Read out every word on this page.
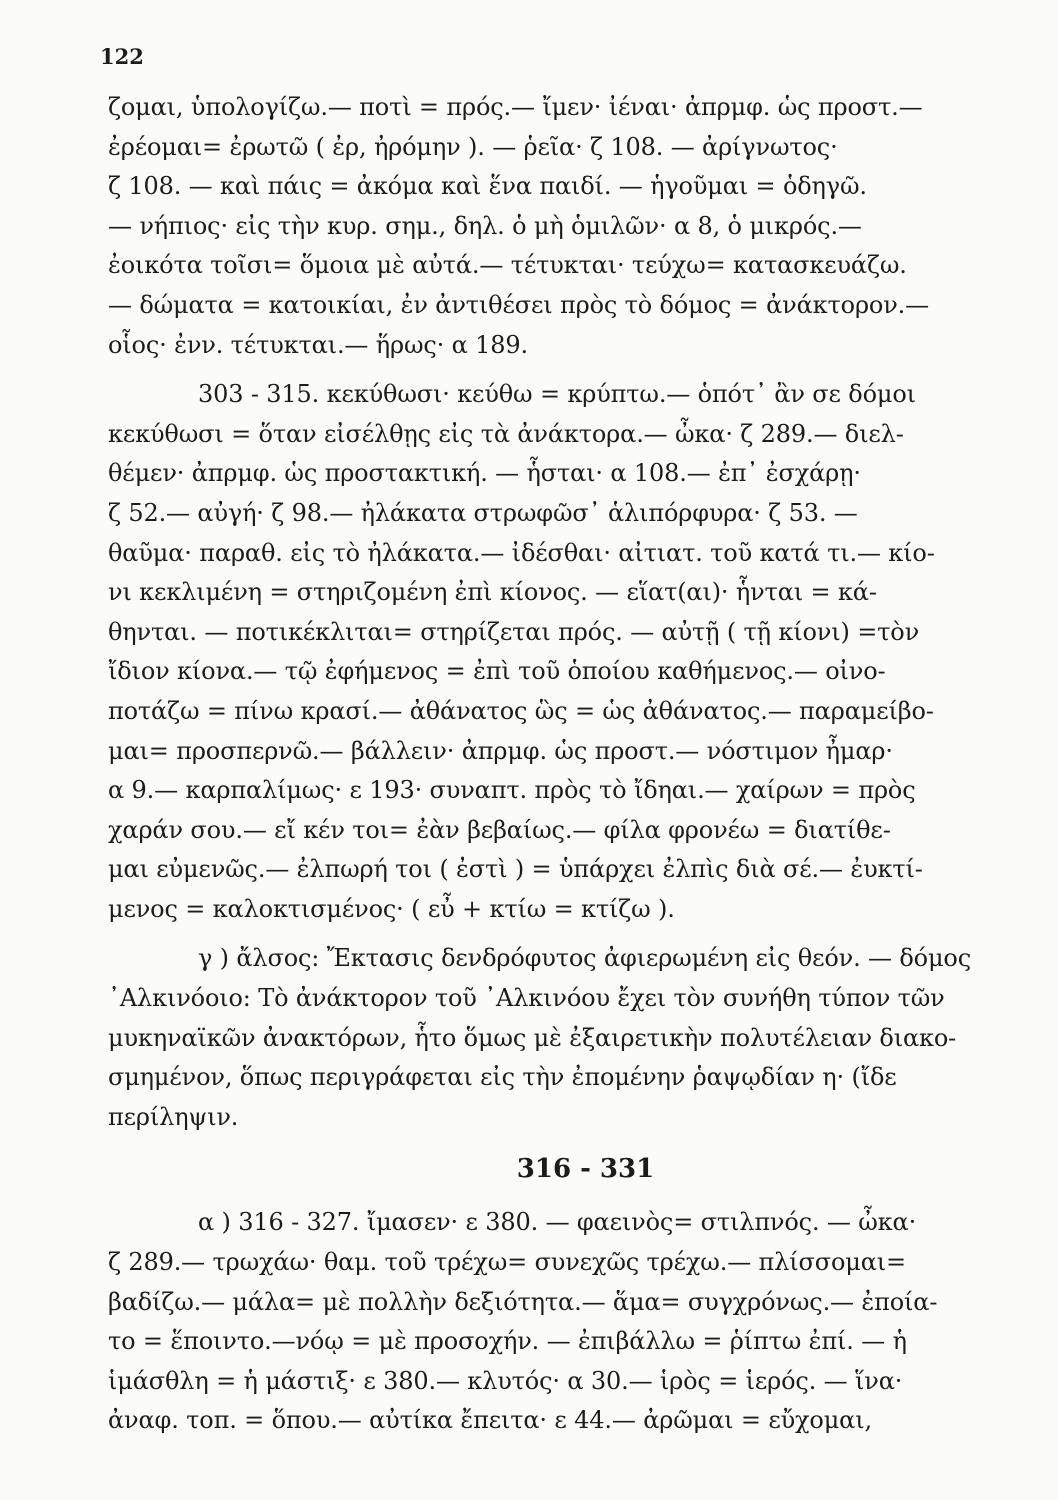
122
ζομαι, ὑπολογίζω.— ποτὶ = πρός.— ἴμεν· ἰέναι· ἀπρμφ. ὡς προστ.—
ἐρέομαι= ἐρωτῶ ( ἐρ, ἠρόμην ). — ῥεῖα· ζ 108. — ἀρίγνωτος·
ζ 108. — καὶ πάις = ἀκόμα καὶ ἕνα παιδί. — ἡγοῦμαι = ὁδηγῶ.
— νήπιος· εἰς τὴν κυρ. σημ., δηλ. ὁ μὴ ὁμιλῶν· α 8, ὁ μικρός.—
ἐοικότα τοῖσι= ὅμοια μὲ αὐτά.— τέτυκται· τεύχω= κατασκευάζω.
— δώματα = κατοικίαι, ἐν ἀντιθέσει πρὸς τὸ δόμος = ἀνάκτορον.—
οἷος· ἐνν. τέτυκται.— ἥρως· α 189.
303 - 315. κεκύθωσι· κεύθω = κρύπτω.— ὁπότ᾽ ἂν σε δόμοι
κεκύθωσι = ὅταν εἰσέλθῃς εἰς τὰ ἀνάκτορα.— ὦκα· ζ 289.— διελ-
θέμεν· ἀπρμφ. ὡς προστακτική. — ἧσται· α 108.— ἐπ᾽ ἐσχάρῃ·
ζ 52.— αὐγή· ζ 98.— ἠλάκατα στρωφῶσ᾽ ἁλιπόρφυρα· ζ 53. —
θαῦμα· παραθ. εἰς τὸ ἠλάκατα.— ἰδέσθαι· αἰτιατ. τοῦ κατά τι.— κίο-
νι κεκλιμένη = στηριζομένη ἐπὶ κίονος. — εἵατ(αι)· ἧνται = κά-
θηνται. — ποτικέκλιται= στηρίζεται πρός. — αὐτῇ ( τῇ κίονι) =τὸν
ἴδιον κίονα.— τῷ ἐφήμενος = ἐπὶ τοῦ ὁποίου καθήμενος.— οἰνο-
ποτάζω = πίνω κρασί.— ἀθάνατος ὣς = ὡς ἀθάνατος.— παραμείβο-
μαι= προσπερνῶ.— βάλλειν· ἀπρμφ. ὡς προστ.— νόστιμον ἦμαρ·
α 9.— καρπαλίμως· ε 193· συναπτ. πρὸς τὸ ἴδηαι.— χαίρων = πρὸς
χαράν σου.— εἴ κέν τοι= ἐὰν βεβαίως.— φίλα φρονέω = διατίθε-
μαι εὐμενῶς.— ἐλπωρή τοι ( ἐστὶ ) = ὑπάρχει ἐλπὶς διὰ σέ.— ἐυκτί-
μενος = καλοκτισμένος· ( εὖ + κτίω = κτίζω ).
γ ) ἄλσος: Ἔκτασις δενδρόφυτος ἀφιερωμένη εἰς θεόν. — δόμος
᾽Αλκινόοιο: Τὸ ἀνάκτορον τοῦ ᾽Αλκινόου ἔχει τὸν συνήθη τύπον τῶν
μυκηναϊκῶν ἀνακτόρων, ἧτο ὅμως μὲ ἐξαιρετικὴν πολυτέλειαν διακο-
σμημένον, ὅπως περιγράφεται εἰς τὴν ἐπομένην ῥαψῳδίαν η· (ἴδε
περίληψιν.
316 - 331
α ) 316 - 327. ἴμασεν· ε 380. — φαεινὸς= στιλπνός. — ὦκα·
ζ 289.— τρωχάω· θαμ. τοῦ τρέχω= συνεχῶς τρέχω.— πλίσσομαι=
βαδίζω.— μάλα= μὲ πολλὴν δεξιότητα.— ἅμα= συγχρόνως.— ἐποία-
το = ἕποιντο.—νόῳ = μὲ προσοχήν. — ἐπιβάλλω = ῥίπτω ἐπί. — ἡ
ἱμάσθλη = ἡ μάστιξ· ε 380.— κλυτός· α 30.— ἱρὸς = ἱερός. — ἵνα·
ἀναφ. τοπ. = ὅπου.— αὐτίκα ἔπειτα· ε 44.— ἀρῶμαι = εὔχομαι,
